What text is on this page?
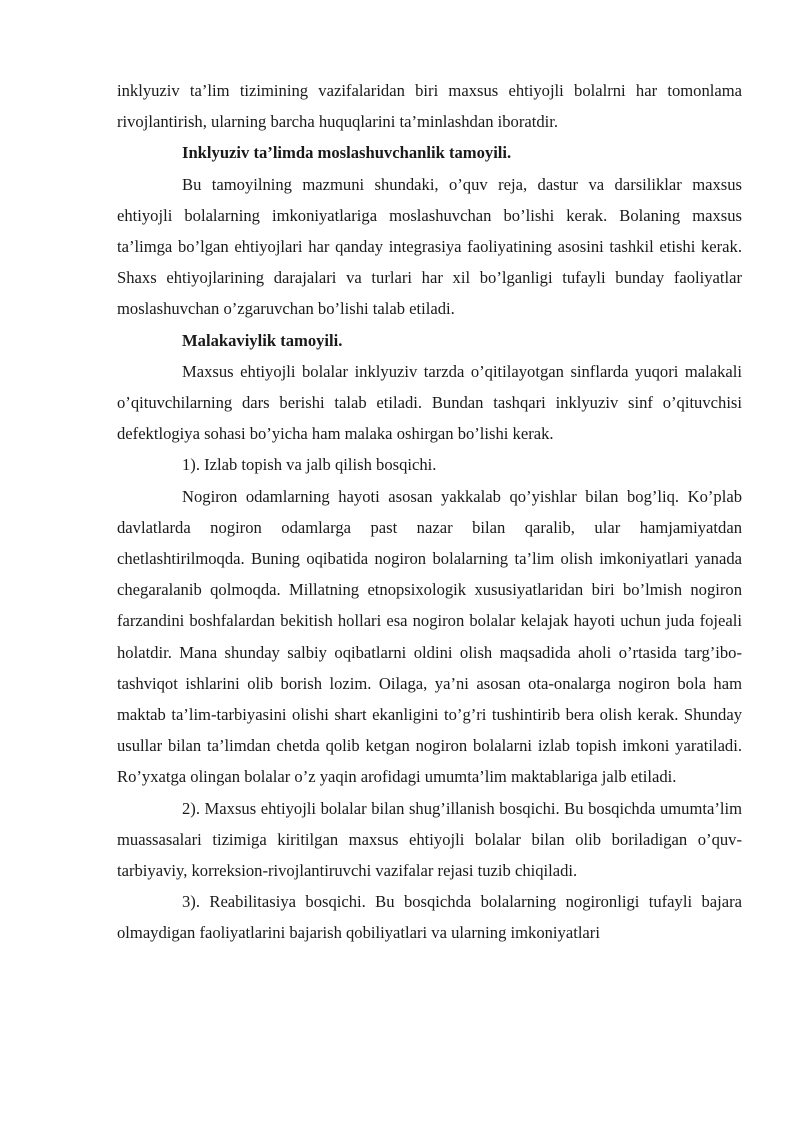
inklyuziv ta’lim tizimining vazifalaridan biri maxsus ehtiyojli bolalrni har tomonlama rivojlantirish, ularning barcha huquqlarini ta’minlashdan iboratdir.

Inklyuziv ta’limda moslashuvchanlik tamoyili.

Bu tamoyilning mazmuni shundaki, o’quv reja, dastur va darsiliklar maxsus ehtiyojli bolalarning imkoniyatlariga moslashuvchan bo’lishi kerak. Bolaning maxsus ta’limga bo’lgan ehtiyojlari har qanday integrasiya faoliyatining asosini tashkil etishi kerak. Shaxs ehtiyojlarining darajalari va turlari har xil bo’lganligi tufayli bunday faoliyatlar moslashuvchan o’zgaruvchan bo’lishi talab etiladi.

Malakaviylik tamoyili.

Maxsus ehtiyojli bolalar inklyuziv tarzda o’qitilayotgan sinflarda yuqori malakali o’qituvchilarning dars berishi talab etiladi. Bundan tashqari inklyuziv sinf o’qituvchisi defektlogiya sohasi bo’yicha ham malaka oshirgan bo’lishi kerak.

1). Izlab topish va jalb qilish bosqichi.

Nogiron odamlarning hayoti asosan yakkalab qo’yishlar bilan bog’liq. Ko’plab davlatlarda nogiron odamlarga past nazar bilan qaralib, ular hamjamiyatdan chetlashtirilmoqda. Buning oqibatida nogiron bolalarning ta’lim olish imkoniyatlari yanada chegaralanib qolmoqda. Millatning etnopsixologik xususiyatlaridan biri bo’lmish nogiron farzandini boshfalardan bekitish hollari esa nogiron bolalar kelajak hayoti uchun juda fojeali holatdir. Mana shunday salbiy oqibatlarni oldini olish maqsadida aholi o’rtasida targ’ibo-tashviqot ishlarini olib borish lozim. Oilaga, ya’ni asosan ota-onalarga nogiron bola ham maktab ta’lim-tarbiyasini olishi shart ekanligini to’g’ri tushintirib bera olish kerak. Shunday usullar bilan ta’limdan chetda qolib ketgan nogiron bolalarni izlab topish imkoni yaratiladi. Ro’yxatga olingan bolalar o’z yaqin arofidagi umumta’lim maktablariga jalb etiladi.

2). Maxsus ehtiyojli bolalar bilan shug’illanish bosqichi. Bu bosqichda umumta’lim muassasalari tizimiga kiritilgan maxsus ehtiyojli bolalar bilan olib boriladigan o’quv-tarbiyaviy, korreksion-rivojlantiruvchi vazifalar rejasi tuzib chiqiladi.

3). Reabilitasiya bosqichi. Bu bosqichda bolalarning nogironligi tufayli bajara olmaydigan faoliyatlarini bajarish qobiliyatlari va ularning imkoniyatlari
